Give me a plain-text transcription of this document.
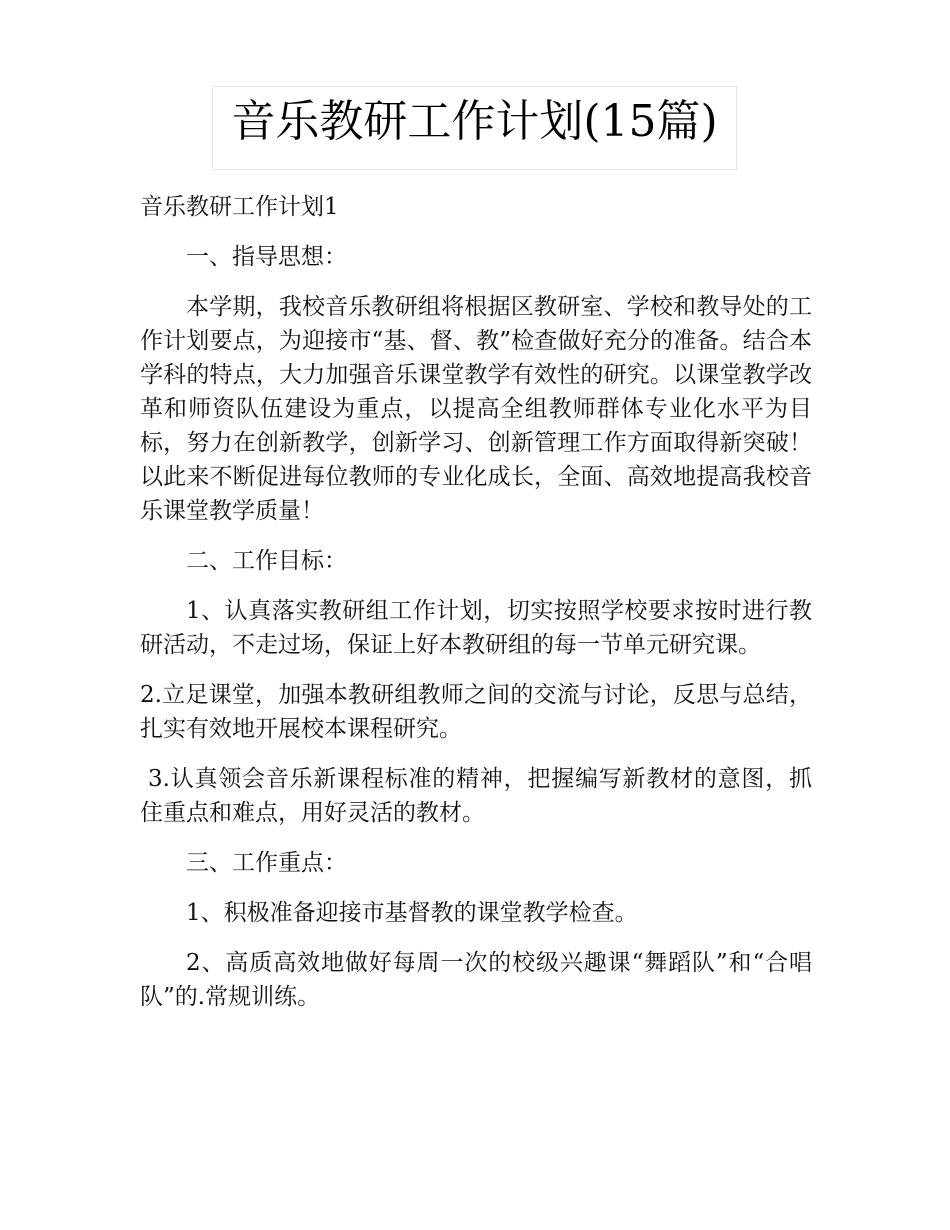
音乐教研工作计划(15篇)

音乐教研工作计划1

一、指导思想：

本学期，我校音乐教研组将根据区教研室、学校和教导处的工作计划要点，为迎接市“基、督、教”检查做好充分的准备。结合本学科的特点，大力加强音乐课堂教学有效性的研究。以课堂教学改革和师资队伍建设为重点，以提高全组教师群体专业化水平为目标，努力在创新教学，创新学习、创新管理工作方面取得新突破！以此来不断促进每位教师的专业化成长，全面、高效地提高我校音乐课堂教学质量！

二、工作目标：

1、认真落实教研组工作计划，切实按照学校要求按时进行教研活动，不走过场，保证上好本教研组的每一节单元研究课。

2.立足课堂，加强本教研组教师之间的交流与讨论，反思与总结，扎实有效地开展校本课程研究。

3.认真领会音乐新课程标准的精神，把握编写新教材的意图，抓住重点和难点，用好灵活的教材。

三、工作重点：

1、积极准备迎接市基督教的课堂教学检查。

2、高质高效地做好每周一次的校级兴趣课“舞蹈队”和“合唱队”的.常规训练。
